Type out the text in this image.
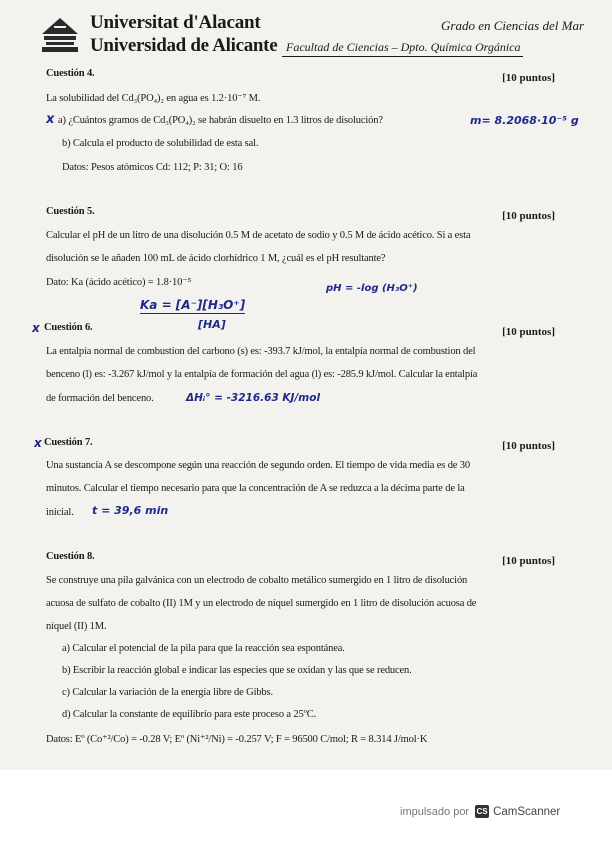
Universitat d'Alacant
Universidad de Alicante
Grado en Ciencias del Mar
Facultad de Ciencias – Dpto. Química Orgánica
Cuestión 4.	[10 puntos]
La solubilidad del Cd₃(PO₄)₂ en agua es 1.2·10⁻⁷ M.
x a) ¿Cuántos gramos de Cd₃(PO₄)₂ se habrán disuelto en 1.3 litros de disolución?	m= 8.2068·10⁻⁵ g
b) Calcula el producto de solubilidad de esta sal.
Datos: Pesos atómicos Cd: 112; P: 31; O: 16
Cuestión 5.	[10 puntos]
Calcular el pH de un litro de una disolución 0.5 M de acetato de sodio y 0.5 M de ácido acético. Si a esta
disolución se le añaden 100 mL de ácido clorhídrico 1 M, ¿cuál es el pH resultante?
Dato: Ka (ácido acético) = 1.8·10⁻⁵
pH = -log (H₃O⁺)
Ka = [A⁻][H₃O⁺]
[HA]
x Cuestión 6.	[10 puntos]
La entalpía normal de combustion del carbono (s) es: -393.7 kJ/mol, la entalpía normal de combustion del
benceno (l) es: -3.267 kJ/mol y la entalpía de formación del agua (l) es: -285.9 kJ/mol. Calcular la entalpía
de formación del benceno.	ΔHᵢ° = -3216.63 KJ/mol
x Cuestión 7.	[10 puntos]
Una sustancia A se descompone según una reacción de segundo orden. El tiempo de vida media es de 30
minutos. Calcular el tiempo necesario para que la concentración de A se reduzca a la décima parte de la
inicial. t = 39,6 min
Cuestión 8.	[10 puntos]
Se construye una pila galvánica con un electrodo de cobalto metálico sumergido en 1 litro de disolución
acuosa de sulfato de cobalto (II) 1M y un electrodo de níquel sumergido en 1 litro de disolución acuosa de
níquel (II) 1M.
a) Calcular el potencial de la pila para que la reacción sea espontánea.
b) Escribir la reacción global e indicar las especies que se oxidan y las que se reducen.
c) Calcular la variación de la energía libre de Gibbs.
d) Calcular la constante de equilibrio para este proceso a 25ºC.
Datos: Eº (Co⁺²/Co) = -0.28 V; Eº (Ni⁺²/Ni) = -0.257 V; F = 96500 C/mol; R = 8.314 J/mol·K
impulsado por CS CamScanner
